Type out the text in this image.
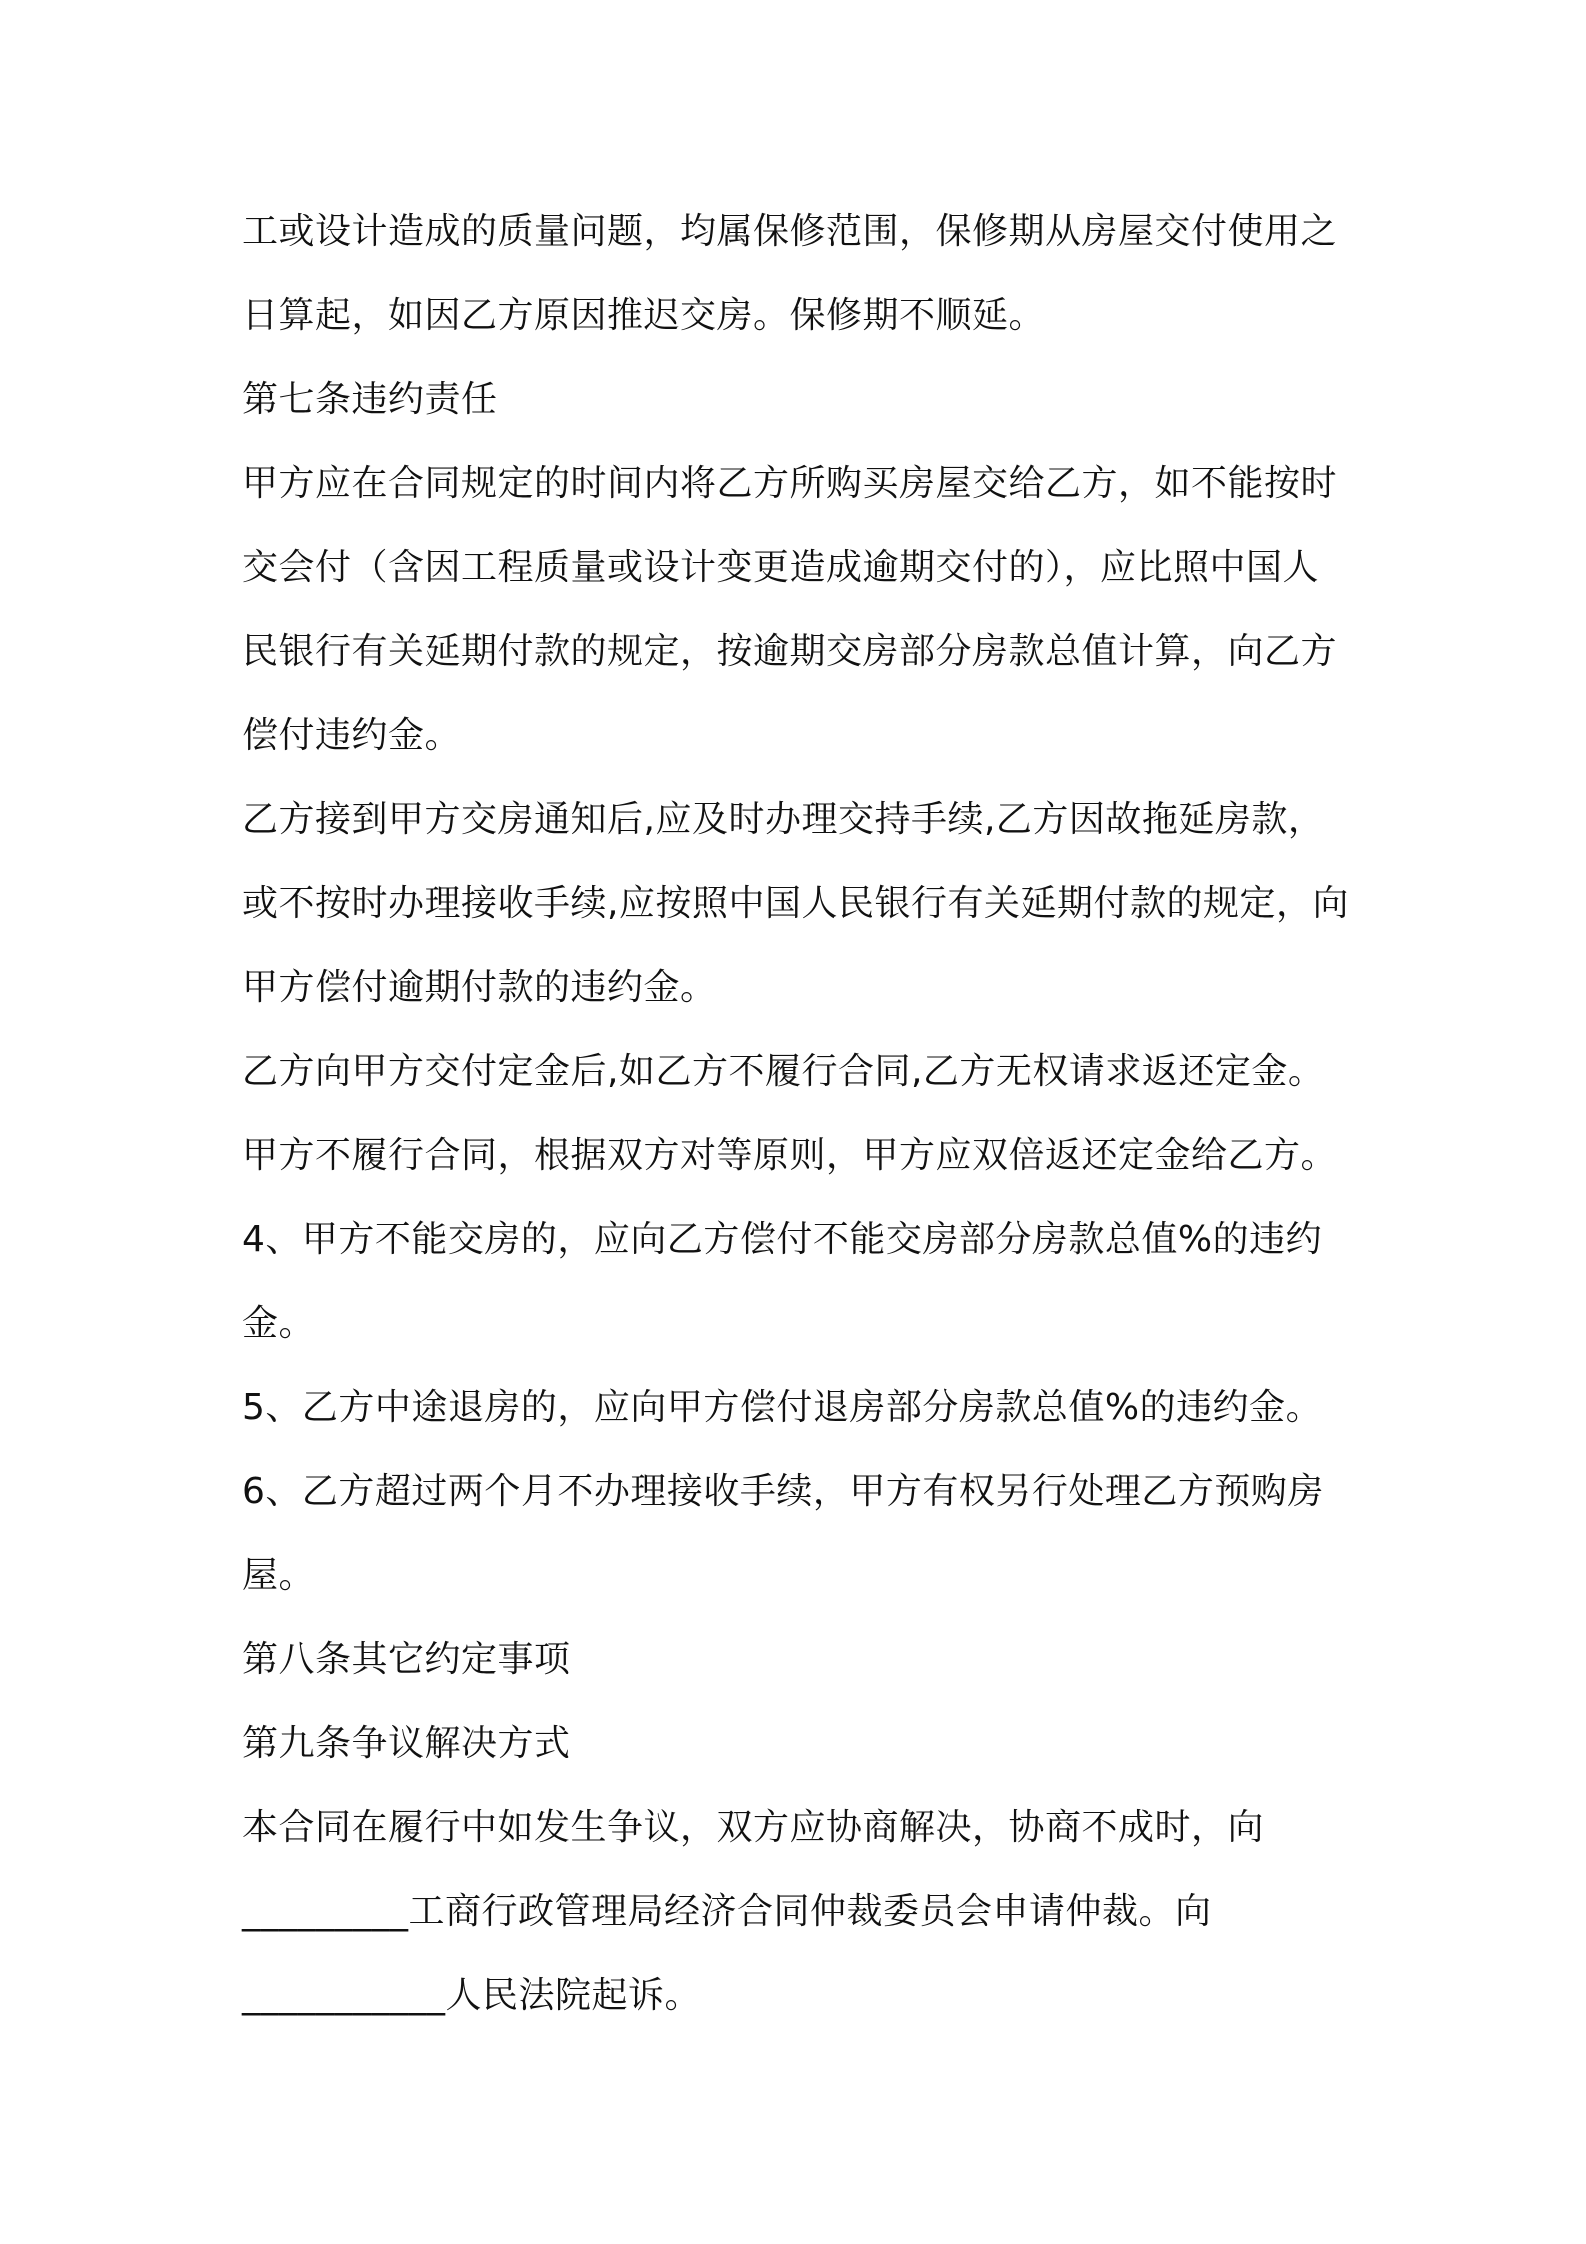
工或设计造成的质量问题，均属保修范围，保修期从房屋交付使用之日算起，如因乙方原因推迟交房。保修期不顺延。

第七条违约责任

甲方应在合同规定的时间内将乙方所购买房屋交给乙方，如不能按时交会付（含因工程质量或设计变更造成逾期交付的），应比照中国人民银行有关延期付款的规定，按逾期交房部分房款总值计算，向乙方偿付违约金。

乙方接到甲方交房通知后,应及时办理交持手续,乙方因故拖延房款，或不按时办理接收手续,应按照中国人民银行有关延期付款的规定，向甲方偿付逾期付款的违约金。

乙方向甲方交付定金后,如乙方不履行合同,乙方无权请求返还定金。

甲方不履行合同，根据双方对等原则，甲方应双倍返还定金给乙方。

4、甲方不能交房的，应向乙方偿付不能交房部分房款总值%的违约金。

5、乙方中途退房的，应向甲方偿付退房部分房款总值%的违约金。

6、乙方超过两个月不办理接收手续，甲方有权另行处理乙方预购房屋。

第八条其它约定事项

第九条争议解决方式

本合同在履行中如发生争议，双方应协商解决，协商不成时，向

_________工商行政管理局经济合同仲裁委员会申请仲裁。向

___________人民法院起诉。
